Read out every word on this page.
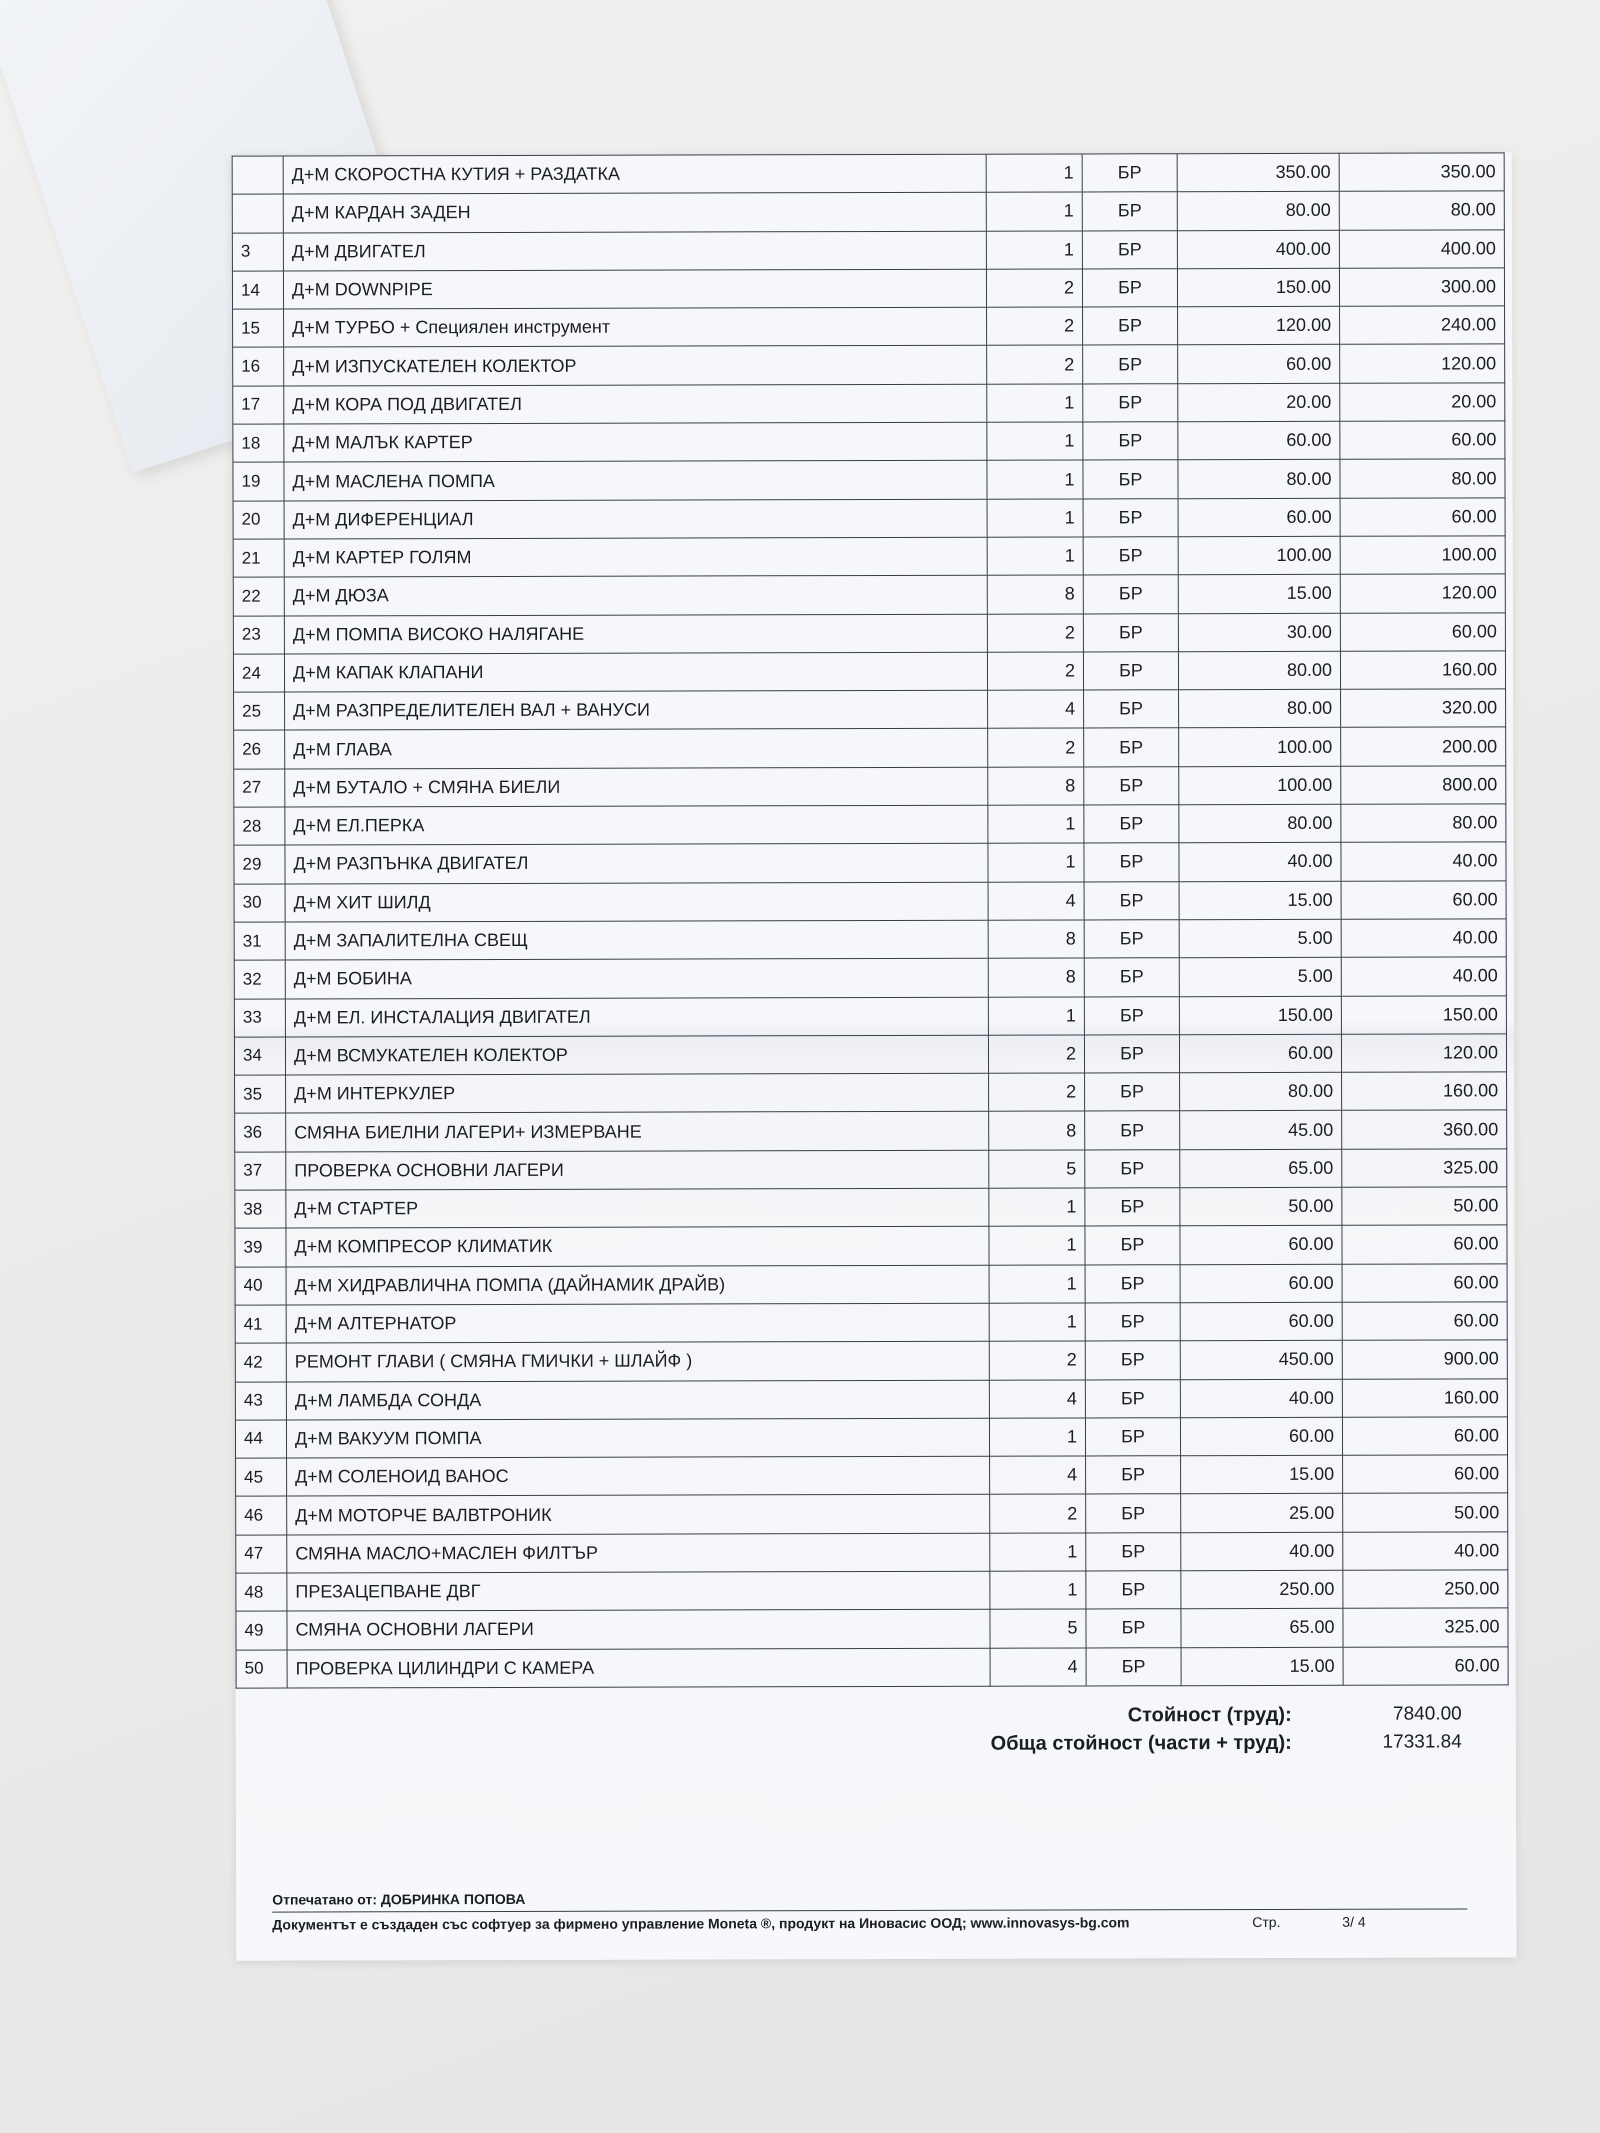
	Д+М СКОРОСТНА КУТИЯ + РАЗДАТКА	1	БР	350.00	350.00
	Д+М КАРДАН ЗАДЕН	1	БР	80.00	80.00
3	Д+М ДВИГАТЕЛ	1	БР	400.00	400.00
14	Д+М DOWNPIPE	2	БР	150.00	300.00
15	Д+М ТУРБО + Специялен инструмент	2	БР	120.00	240.00
16	Д+М ИЗПУСКАТЕЛЕН КОЛЕКТОР	2	БР	60.00	120.00
17	Д+М КОРА ПОД ДВИГАТЕЛ	1	БР	20.00	20.00
18	Д+М МАЛЪК КАРТЕР	1	БР	60.00	60.00
19	Д+М МАСЛЕНА ПОМПА	1	БР	80.00	80.00
20	Д+М ДИФЕРЕНЦИАЛ	1	БР	60.00	60.00
21	Д+М КАРТЕР ГОЛЯМ	1	БР	100.00	100.00
22	Д+М ДЮЗА	8	БР	15.00	120.00
23	Д+М ПОМПА ВИСОКО НАЛЯГАНЕ	2	БР	30.00	60.00
24	Д+М КАПАК КЛАПАНИ	2	БР	80.00	160.00
25	Д+М РАЗПРЕДЕЛИТЕЛЕН ВАЛ + ВАНУСИ	4	БР	80.00	320.00
26	Д+М ГЛАВА	2	БР	100.00	200.00
27	Д+М БУТАЛО + СМЯНА БИЕЛИ	8	БР	100.00	800.00
28	Д+М ЕЛ.ПЕРКА	1	БР	80.00	80.00
29	Д+М РАЗПЪНКА ДВИГАТЕЛ	1	БР	40.00	40.00
30	Д+М ХИТ ШИЛД	4	БР	15.00	60.00
31	Д+М ЗАПАЛИТЕЛНА СВЕЩ	8	БР	5.00	40.00
32	Д+М БОБИНА	8	БР	5.00	40.00
33	Д+М ЕЛ. ИНСТАЛАЦИЯ ДВИГАТЕЛ	1	БР	150.00	150.00
34	Д+М ВСМУКАТЕЛЕН КОЛЕКТОР	2	БР	60.00	120.00
35	Д+М ИНТЕРКУЛЕР	2	БР	80.00	160.00
36	СМЯНА БИЕЛНИ ЛАГЕРИ+ ИЗМЕРВАНЕ	8	БР	45.00	360.00
37	ПРОВЕРКА ОСНОВНИ ЛАГЕРИ	5	БР	65.00	325.00
38	Д+М СТАРТЕР	1	БР	50.00	50.00
39	Д+М КОМПРЕСОР КЛИМАТИК	1	БР	60.00	60.00
40	Д+М ХИДРАВЛИЧНА ПОМПА (ДАЙНАМИК ДРАЙВ)	1	БР	60.00	60.00
41	Д+М АЛТЕРНАТОР	1	БР	60.00	60.00
42	РЕМОНТ ГЛАВИ ( СМЯНА ГМИЧКИ + ШЛАЙФ )	2	БР	450.00	900.00
43	Д+М ЛАМБДА СОНДА	4	БР	40.00	160.00
44	Д+М ВАКУУМ ПОМПА	1	БР	60.00	60.00
45	Д+М СОЛЕНОИД ВАНОС	4	БР	15.00	60.00
46	Д+М МОТОРЧЕ ВАЛВТРОНИК	2	БР	25.00	50.00
47	СМЯНА МАСЛО+МАСЛЕН ФИЛТЪР	1	БР	40.00	40.00
48	ПРЕЗАЦЕПВАНЕ ДВГ	1	БР	250.00	250.00
49	СМЯНА ОСНОВНИ ЛАГЕРИ	5	БР	65.00	325.00
50	ПРОВЕРКА ЦИЛИНДРИ С КАМЕРА	4	БР	15.00	60.00
Стойност (труд):	7840.00
Обща стойност (части + труд):	17331.84
Отпечатано от: ДОБРИНКА ПОПОВА
Документът е създаден със софтуер за фирмено управление Moneta ®, продукт на Иновасис ООД; www.innovasys-bg.com	Стр.	3/ 4
